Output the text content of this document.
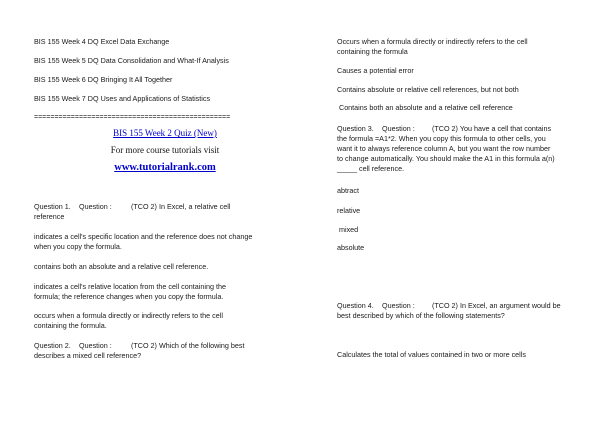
BIS 155 Week 4 DQ Excel Data Exchange

BIS 155 Week 5 DQ Data Consolidation and What-If Analysis

BIS 155 Week 6 DQ Bringing It All Together

BIS 155 Week 7 DQ Uses and Applications of Statistics

================================================

BIS 155 Week 2 Quiz (New)
For more course tutorials visit
www.tutorialrank.com
Question 1. Question :	(TCO 2) In Excel, a relative cell

reference

indicates a cell's specific location and the reference does not change

when you copy the formula.

contains both an absolute and a relative cell reference.

indicates a cell's relative location from the cell containing the

formula; the reference changes when you copy the formula.

occurs when a formula directly or indirectly refers to the cell

containing the formula.

Question 2. Question :	(TCO 2) Which of the following best

describes a mixed cell reference?

Occurs when a formula directly or indirectly refers to the cell

containing the formula

Causes a potential error

Contains absolute or relative cell references, but not both

Contains both an absolute and a relative cell reference

Question 3. Question : (TCO 2) You have a cell that contains

the formula =A1*2. When you copy this formula to other cells, you

want it to always reference column A, but you want the row number

to change automatically. You should make the A1 in this formula a(n)

_____ cell reference.

abtract

relative

mixed

absolute

Question 4. Question : (TCO 2) In Excel, an argument would be

best described by which of the following statements?

Calculates the total of values contained in two or more cells
